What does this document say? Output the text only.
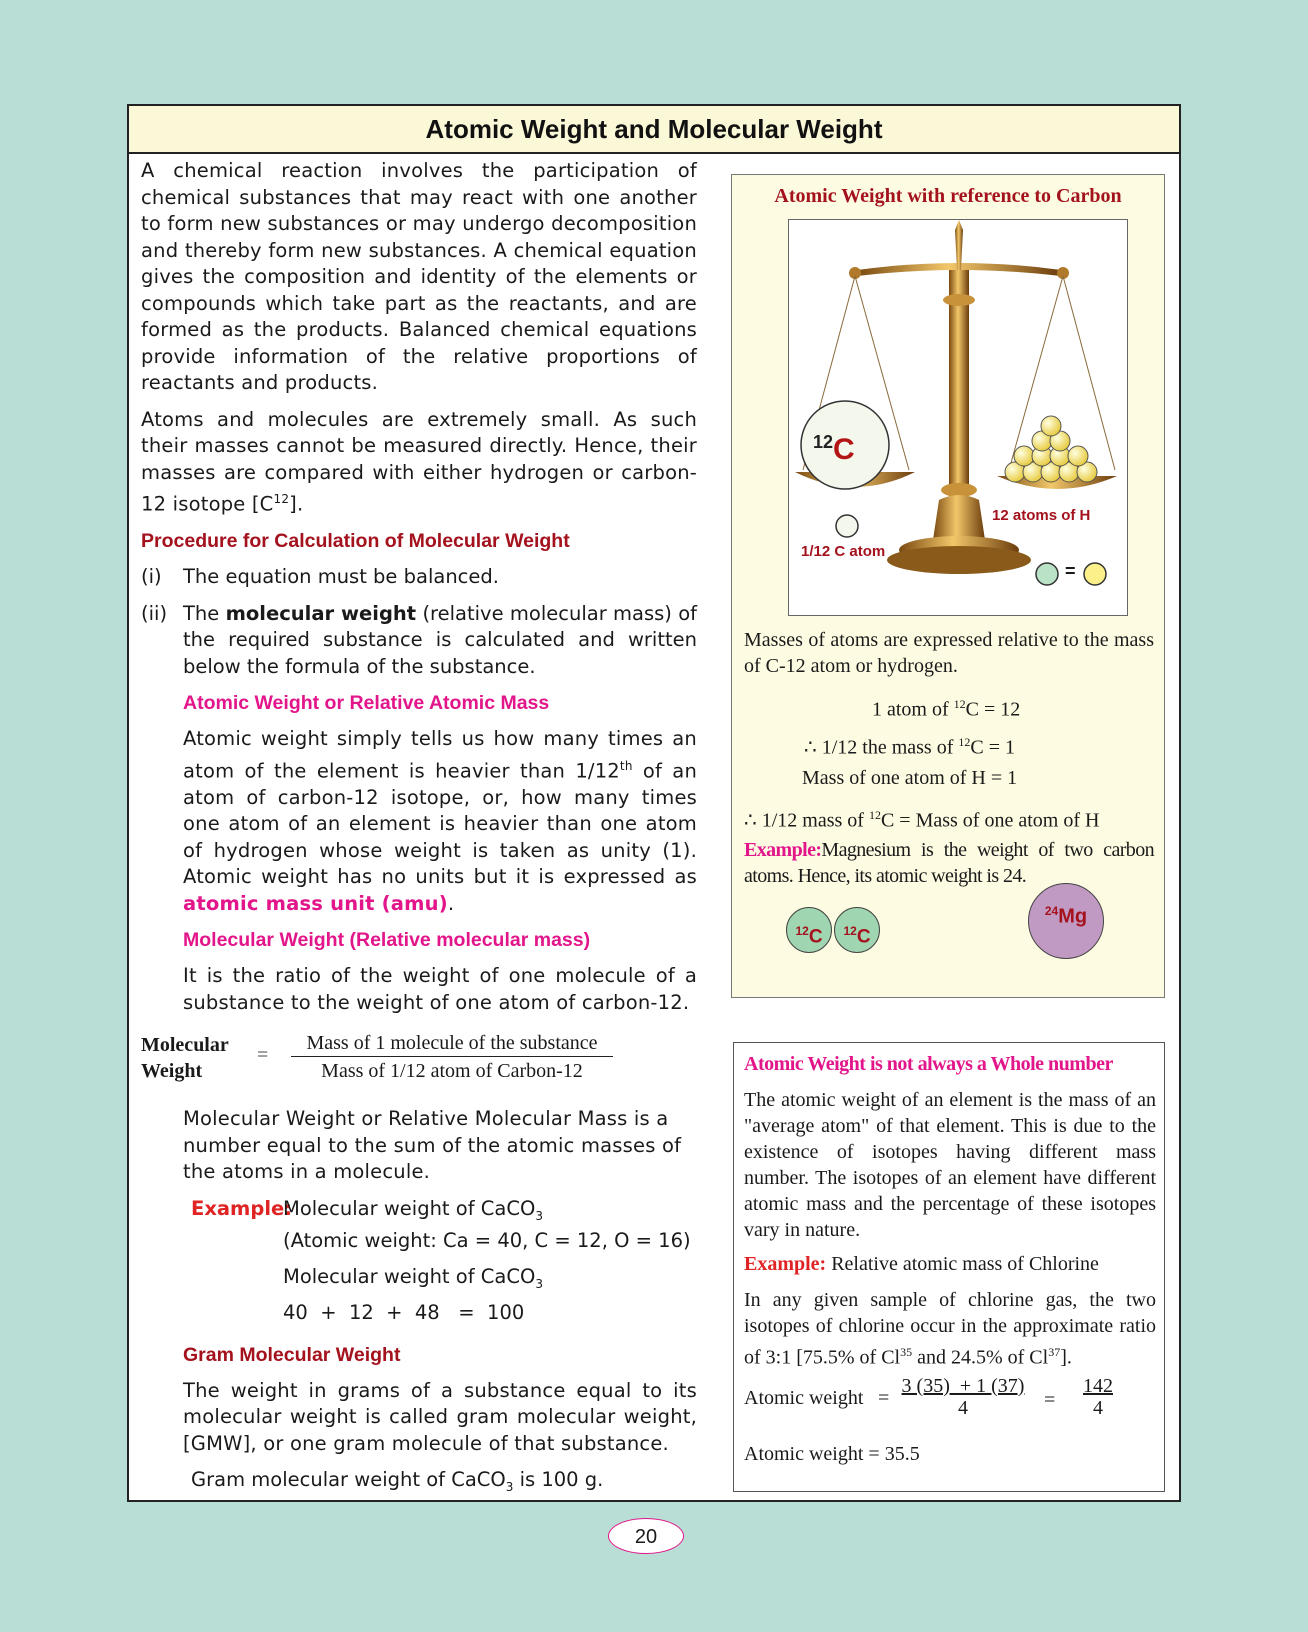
Atomic Weight and Molecular Weight

A chemical reaction involves the participation of chemical substances that may react with one another to form new substances or may undergo decomposition and thereby form new substances. A chemical equation gives the composition and identity of the elements or compounds which take part as the reactants, and are formed as the products. Balanced chemical equations provide information of the relative proportions of reactants and products.

Atoms and molecules are extremely small. As such their masses cannot be measured directly. Hence, their masses are compared with either hydrogen or carbon-12 isotope $[C^{12}]$.

Procedure for Calculation of Molecular Weight
(i)	The equation must be balanced.
(ii) The molecular weight (relative molecular mass) of the required substance is calculated and written below the formula of the substance.
Atomic Weight or Relative Atomic Mass

Atomic weight simply tells us how many times an atom of the element is heavier than 1/12th of an atom of carbon-12 isotope, or, how many times one atom of an element is heavier than one atom of hydrogen whose weight is taken as unity (1). Atomic weight has no units but it is expressed as atomic mass unit (amu).

Molecular Weight (Relative molecular mass)

It is the ratio of the weight of one molecule of a substance to the weight of one atom of carbon-12.

Molecular
Weight
=
Mass of 1 molecule of the substance
Mass of 1/12 atom of Carbon-12

Molecular Weight or Relative Molecular Mass is a number equal to the sum of the atomic masses of the atoms in a molecule.

Example:
Molecular weight of CaCO$_3$
(Atomic weight: Ca = 40, C = 12, O = 16)
Molecular weight of CaCO$_3$
40  +  12  +  48   =  100
Gram Molecular Weight

The weight in grams of a substance equal to its molecular weight is called gram molecular weight, [GMW], or one gram molecule of that substance.

Gram molecular weight of CaCO$_3$ is 100 g.
Atomic Weight with reference to Carbon
$^{12}$C
12 atoms of H
1/12 C atom
=
Masses of atoms are expressed relative to the mass of C-12 atom or hydrogen.
1 atom of $^{12}$C = 12
∴ 1/12 the mass of $^{12}$C = 1
Mass of one atom of H = 1
∴ 1/12 mass of $^{12}$C = Mass of one atom of H
Example:Magnesium is the weight of two carbon atoms. Hence, its atomic weight is 24.
$^{12}$C	$^{12}$C
$^{24}$Mg
Atomic Weight is not always a Whole number
The atomic weight of an element is the mass of an "average atom" of that element. This is due to the existence of isotopes having different mass number. The isotopes of an element have different atomic mass and the percentage of these isotopes vary in nature.
Example: Relative atomic mass of Chlorine
In any given sample of chlorine gas, the two isotopes of chlorine occur in the approximate ratio of 3:1 [75.5% of Cl$^{35}$ and 24.5% of Cl$^{37}$].
Atomic weight =
3 (35)  + 1 (37)
4	=
142
4
Atomic weight = 35.5
20
